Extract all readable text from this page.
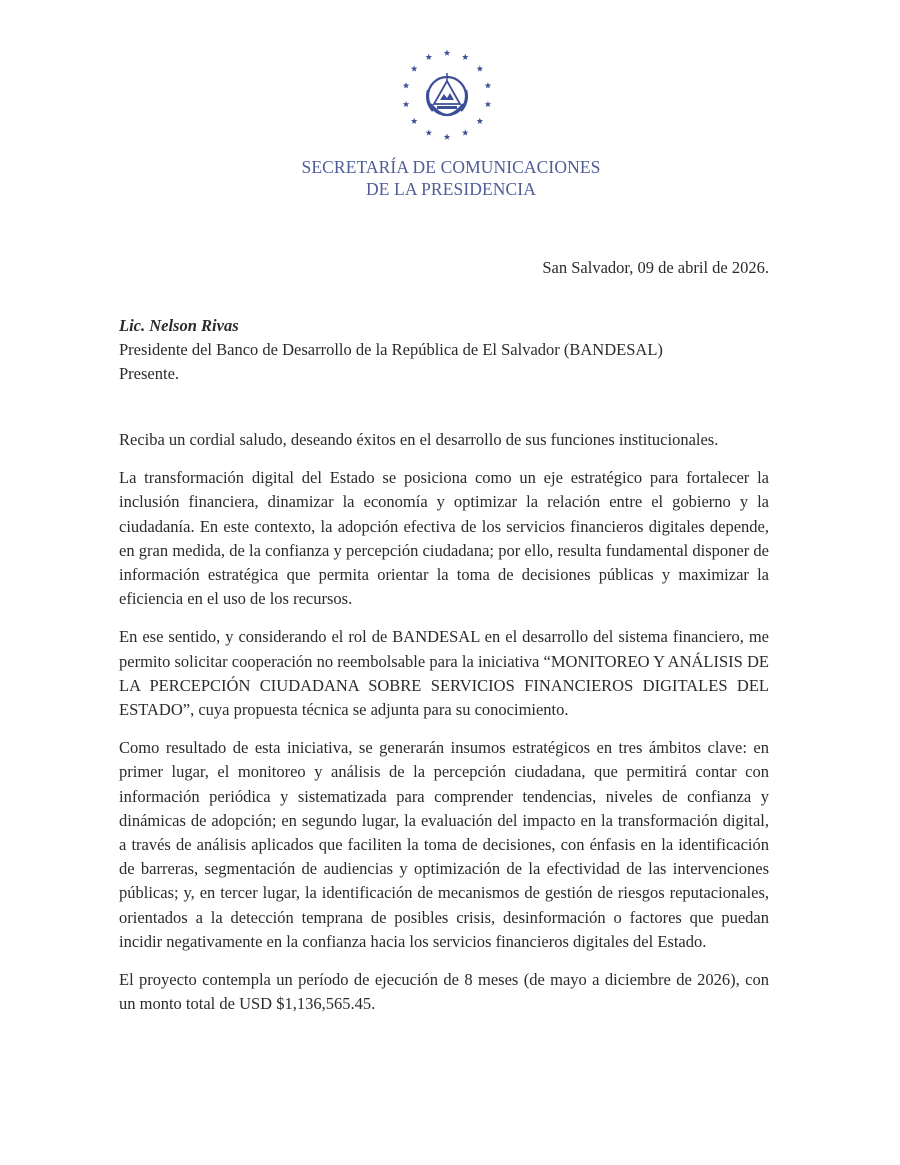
SECRETARÍA DE COMUNICACIONES
DE LA PRESIDENCIA
San Salvador, 09 de abril de 2026.
Lic. Nelson Rivas
Presidente del Banco de Desarrollo de la República de El Salvador (BANDESAL)
Presente.

Reciba un cordial saludo, deseando éxitos en el desarrollo de sus funciones institucionales.

La transformación digital del Estado se posiciona como un eje estratégico para fortalecer la inclusión financiera, dinamizar la economía y optimizar la relación entre el gobierno y la ciudadanía. En este contexto, la adopción efectiva de los servicios financieros digitales depende, en gran medida, de la confianza y percepción ciudadana; por ello, resulta fundamental disponer de información estratégica que permita orientar la toma de decisiones públicas y maximizar la eficiencia en el uso de los recursos.

En ese sentido, y considerando el rol de BANDESAL en el desarrollo del sistema financiero, me permito solicitar cooperación no reembolsable para la iniciativa “MONITOREO Y ANÁLISIS DE LA PERCEPCIÓN CIUDADANA SOBRE SERVICIOS FINANCIEROS DIGITALES DEL ESTADO”, cuya propuesta técnica se adjunta para su conocimiento.

Como resultado de esta iniciativa, se generarán insumos estratégicos en tres ámbitos clave: en primer lugar, el monitoreo y análisis de la percepción ciudadana, que permitirá contar con información periódica y sistematizada para comprender tendencias, niveles de confianza y dinámicas de adopción; en segundo lugar, la evaluación del impacto en la transformación digital, a través de análisis aplicados que faciliten la toma de decisiones, con énfasis en la identificación de barreras, segmentación de audiencias y optimización de la efectividad de las intervenciones públicas; y, en tercer lugar, la identificación de mecanismos de gestión de riesgos reputacionales, orientados a la detección temprana de posibles crisis, desinformación o factores que puedan incidir negativamente en la confianza hacia los servicios financieros digitales del Estado.

El proyecto contempla un período de ejecución de 8 meses (de mayo a diciembre de 2026), con un monto total de USD $1,136,565.45.
